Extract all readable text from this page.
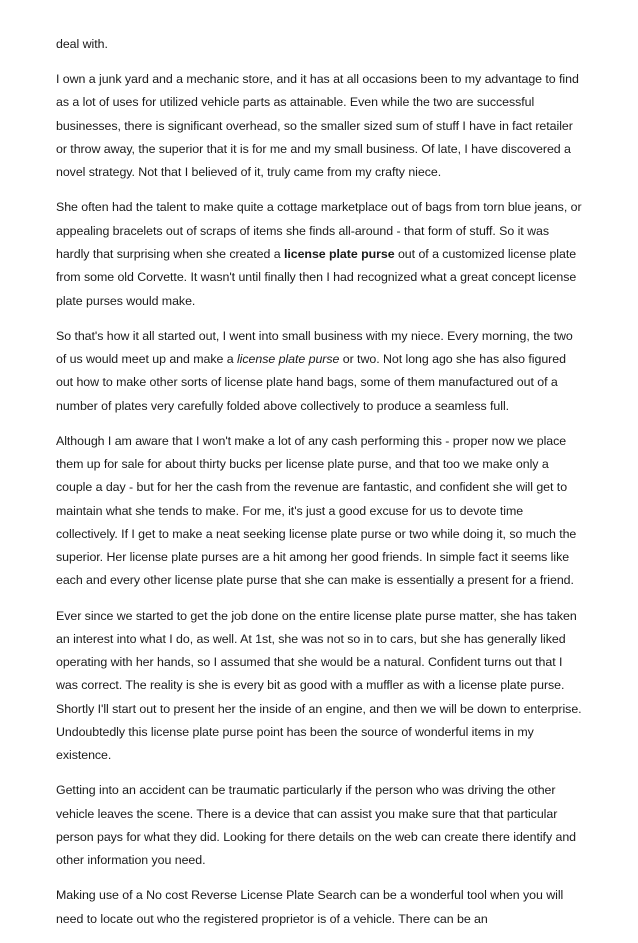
deal with.

I own a junk yard and a mechanic store, and it has at all occasions been to my advantage to find as a lot of uses for utilized vehicle parts as attainable. Even while the two are successful businesses, there is significant overhead, so the smaller sized sum of stuff I have in fact retailer or throw away, the superior that it is for me and my small business. Of late, I have discovered a novel strategy. Not that I believed of it, truly came from my crafty niece.

She often had the talent to make quite a cottage marketplace out of bags from torn blue jeans, or appealing bracelets out of scraps of items she finds all-around - that form of stuff. So it was hardly that surprising when she created a license plate purse out of a customized license plate from some old Corvette. It wasn't until finally then I had recognized what a great concept license plate purses would make.

So that's how it all started out, I went into small business with my niece. Every morning, the two of us would meet up and make a license plate purse or two. Not long ago she has also figured out how to make other sorts of license plate hand bags, some of them manufactured out of a number of plates very carefully folded above collectively to produce a seamless full.

Although I am aware that I won't make a lot of any cash performing this - proper now we place them up for sale for about thirty bucks per license plate purse, and that too we make only a couple a day - but for her the cash from the revenue are fantastic, and confident she will get to maintain what she tends to make. For me, it's just a good excuse for us to devote time collectively. If I get to make a neat seeking license plate purse or two while doing it, so much the superior. Her license plate purses are a hit among her good friends. In simple fact it seems like each and every other license plate purse that she can make is essentially a present for a friend.

Ever since we started to get the job done on the entire license plate purse matter, she has taken an interest into what I do, as well. At 1st, she was not so in to cars, but she has generally liked operating with her hands, so I assumed that she would be a natural. Confident turns out that I was correct. The reality is she is every bit as good with a muffler as with a license plate purse. Shortly I'll start out to present her the inside of an engine, and then we will be down to enterprise. Undoubtedly this license plate purse point has been the source of wonderful items in my existence.

Getting into an accident can be traumatic particularly if the person who was driving the other vehicle leaves the scene. There is a device that can assist you make sure that that particular person pays for what they did. Looking for there details on the web can create there identify and other information you need.

Making use of a No cost Reverse License Plate Search can be a wonderful tool when you will need to locate out who the registered proprietor is of a vehicle. There can be an
